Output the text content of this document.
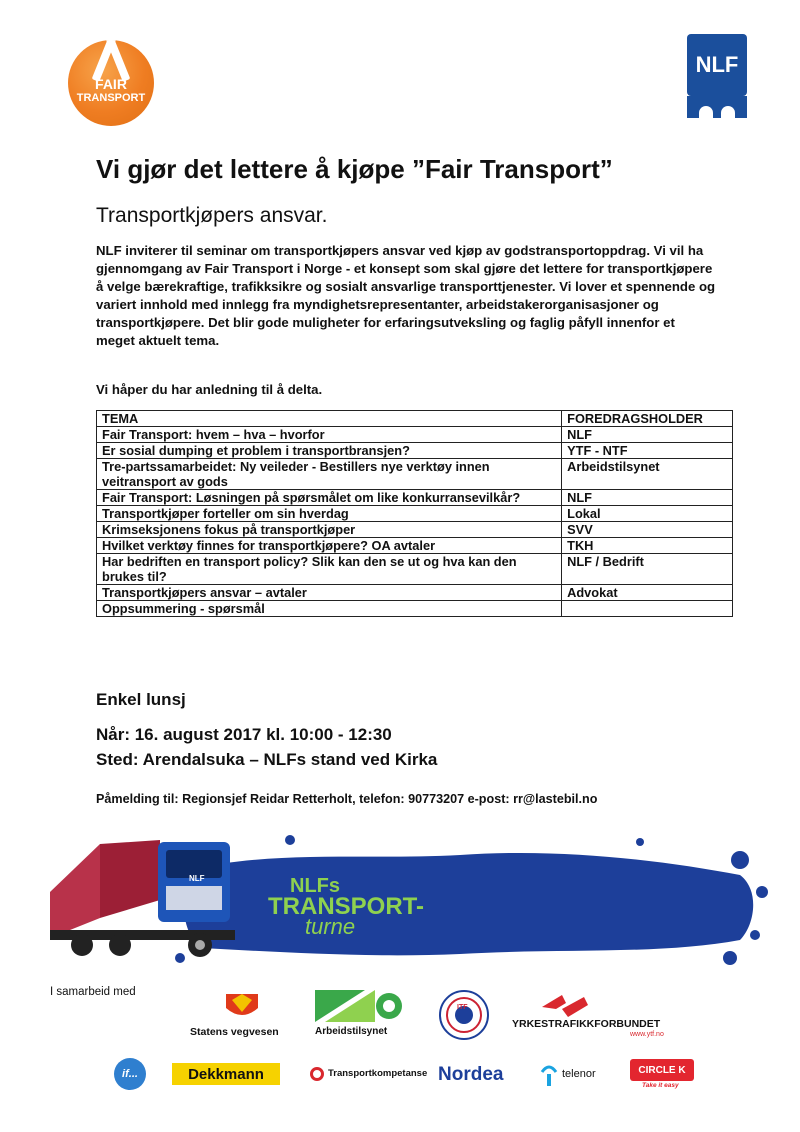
FAIR
TRANSPORT
NLF
Vi gjør det lettere å kjøpe ”Fair Transport”
Transportkjøpers ansvar.
NLF inviterer til seminar om transportkjøpers ansvar ved kjøp av godstransportoppdrag. Vi vil ha gjennomgang av Fair Transport i Norge - et konsept som skal gjøre det lettere for transportkjøpere å velge bærekraftige, trafikksikre og sosialt ansvarlige transporttjenester. Vi lover et spennende og variert innhold med innlegg fra myndighetsrepresentanter, arbeidstakerorganisasjoner og transportkjøpere. Det blir gode muligheter for erfaringsutveksling og faglig påfyll innenfor et meget aktuelt tema.
Vi håper du har anledning til å delta.
TEMA	FOREDRAGSHOLDER
Fair Transport: hvem – hva – hvorfor	NLF
Er sosial dumping et problem i transportbransjen?	YTF - NTF
Tre-partssamarbeidet: Ny veileder - Bestillers nye verktøy innen veitransport av gods	Arbeidstilsynet
Fair Transport: Løsningen på spørsmålet om like konkurransevilkår?	NLF
Transportkjøper forteller om sin hverdag	Lokal
Krimseksjonens fokus på transportkjøper	SVV
Hvilket verktøy finnes for transportkjøpere? OA avtaler	TKH
Har bedriften en transport policy? Slik kan den se ut og hva kan den brukes til?	NLF / Bedrift
Transportkjøpers ansvar – avtaler	Advokat
Oppsummering - spørsmål	
Enkel lunsj
Når: 16. august 2017 kl. 10:00 - 12:30
Sted: Arendalsuka – NLFs stand ved Kirka
Påmelding til: Regionsjef Reidar Retterholt, telefon: 90773207 e-post: rr@lastebil.no
NLF	NLFs
TRANSPORT-
turne
I samarbeid med
Statens vegvesen	Arbeidstilsynet
ITF
YRKESTRAFIKKFORBUNDET
www.ytf.no
if...	Dekkmann	Transportkompetanse Nordea	telenor	CIRCLE K
Take it easy
